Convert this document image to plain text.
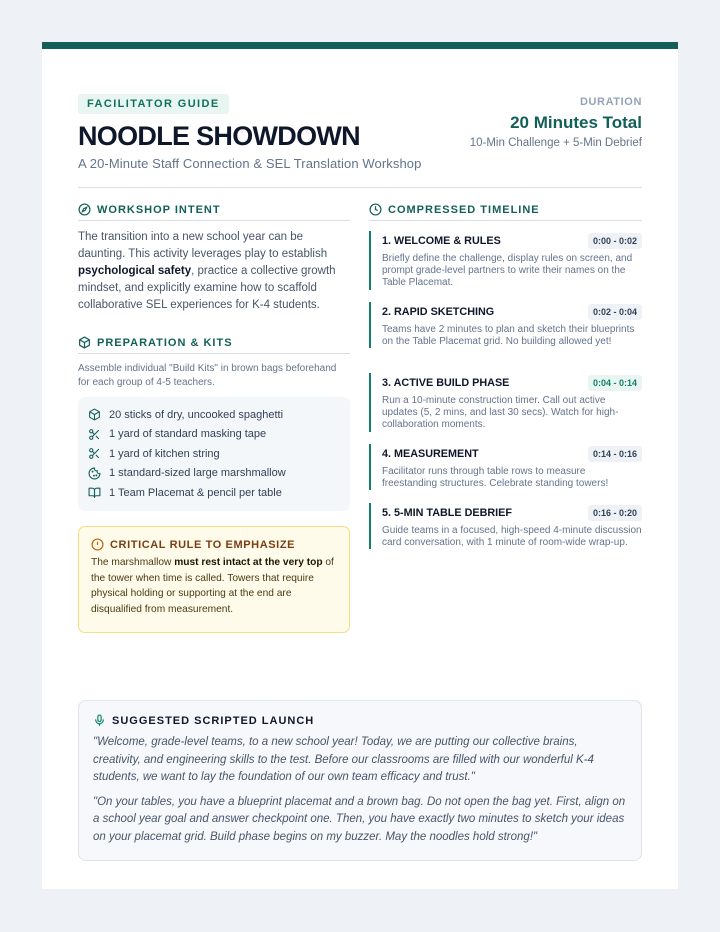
FACILITATOR GUIDE
NOODLE SHOWDOWN
A 20-Minute Staff Connection & SEL Translation Workshop
DURATION
20 Minutes Total
10-Min Challenge + 5-Min Debrief
WORKSHOP INTENT
The transition into a new school year can be daunting. This activity leverages play to establish psychological safety, practice a collective growth mindset, and explicitly examine how to scaffold collaborative SEL experiences for K-4 students.
PREPARATION & KITS
Assemble individual "Build Kits" in brown bags beforehand for each group of 4-5 teachers.
20 sticks of dry, uncooked spaghetti
1 yard of standard masking tape
1 yard of kitchen string
1 standard-sized large marshmallow
1 Team Placemat & pencil per table
CRITICAL RULE TO EMPHASIZE
The marshmallow must rest intact at the very top of the tower when time is called. Towers that require physical holding or supporting at the end are disqualified from measurement.
COMPRESSED TIMELINE
1. WELCOME & RULES	0:00 - 0:02
Briefly define the challenge, display rules on screen, and prompt grade-level partners to write their names on the Table Placemat.
2. RAPID SKETCHING	0:02 - 0:04
Teams have 2 minutes to plan and sketch their blueprints on the Table Placemat grid. No building allowed yet!
3. ACTIVE BUILD PHASE	0:04 - 0:14
Run a 10-minute construction timer. Call out active updates (5, 2 mins, and last 30 secs). Watch for high-collaboration moments.
4. MEASUREMENT	0:14 - 0:16
Facilitator runs through table rows to measure freestanding structures. Celebrate standing towers!
5. 5-MIN TABLE DEBRIEF	0:16 - 0:20
Guide teams in a focused, high-speed 4-minute discussion card conversation, with 1 minute of room-wide wrap-up.
SUGGESTED SCRIPTED LAUNCH
"Welcome, grade-level teams, to a new school year! Today, we are putting our collective brains, creativity, and engineering skills to the test. Before our classrooms are filled with our wonderful K-4 students, we want to lay the foundation of our own team efficacy and trust."
"On your tables, you have a blueprint placemat and a brown bag. Do not open the bag yet. First, align on a school year goal and answer checkpoint one. Then, you have exactly two minutes to sketch your ideas on your placemat grid. Build phase begins on my buzzer. May the noodles hold strong!"
